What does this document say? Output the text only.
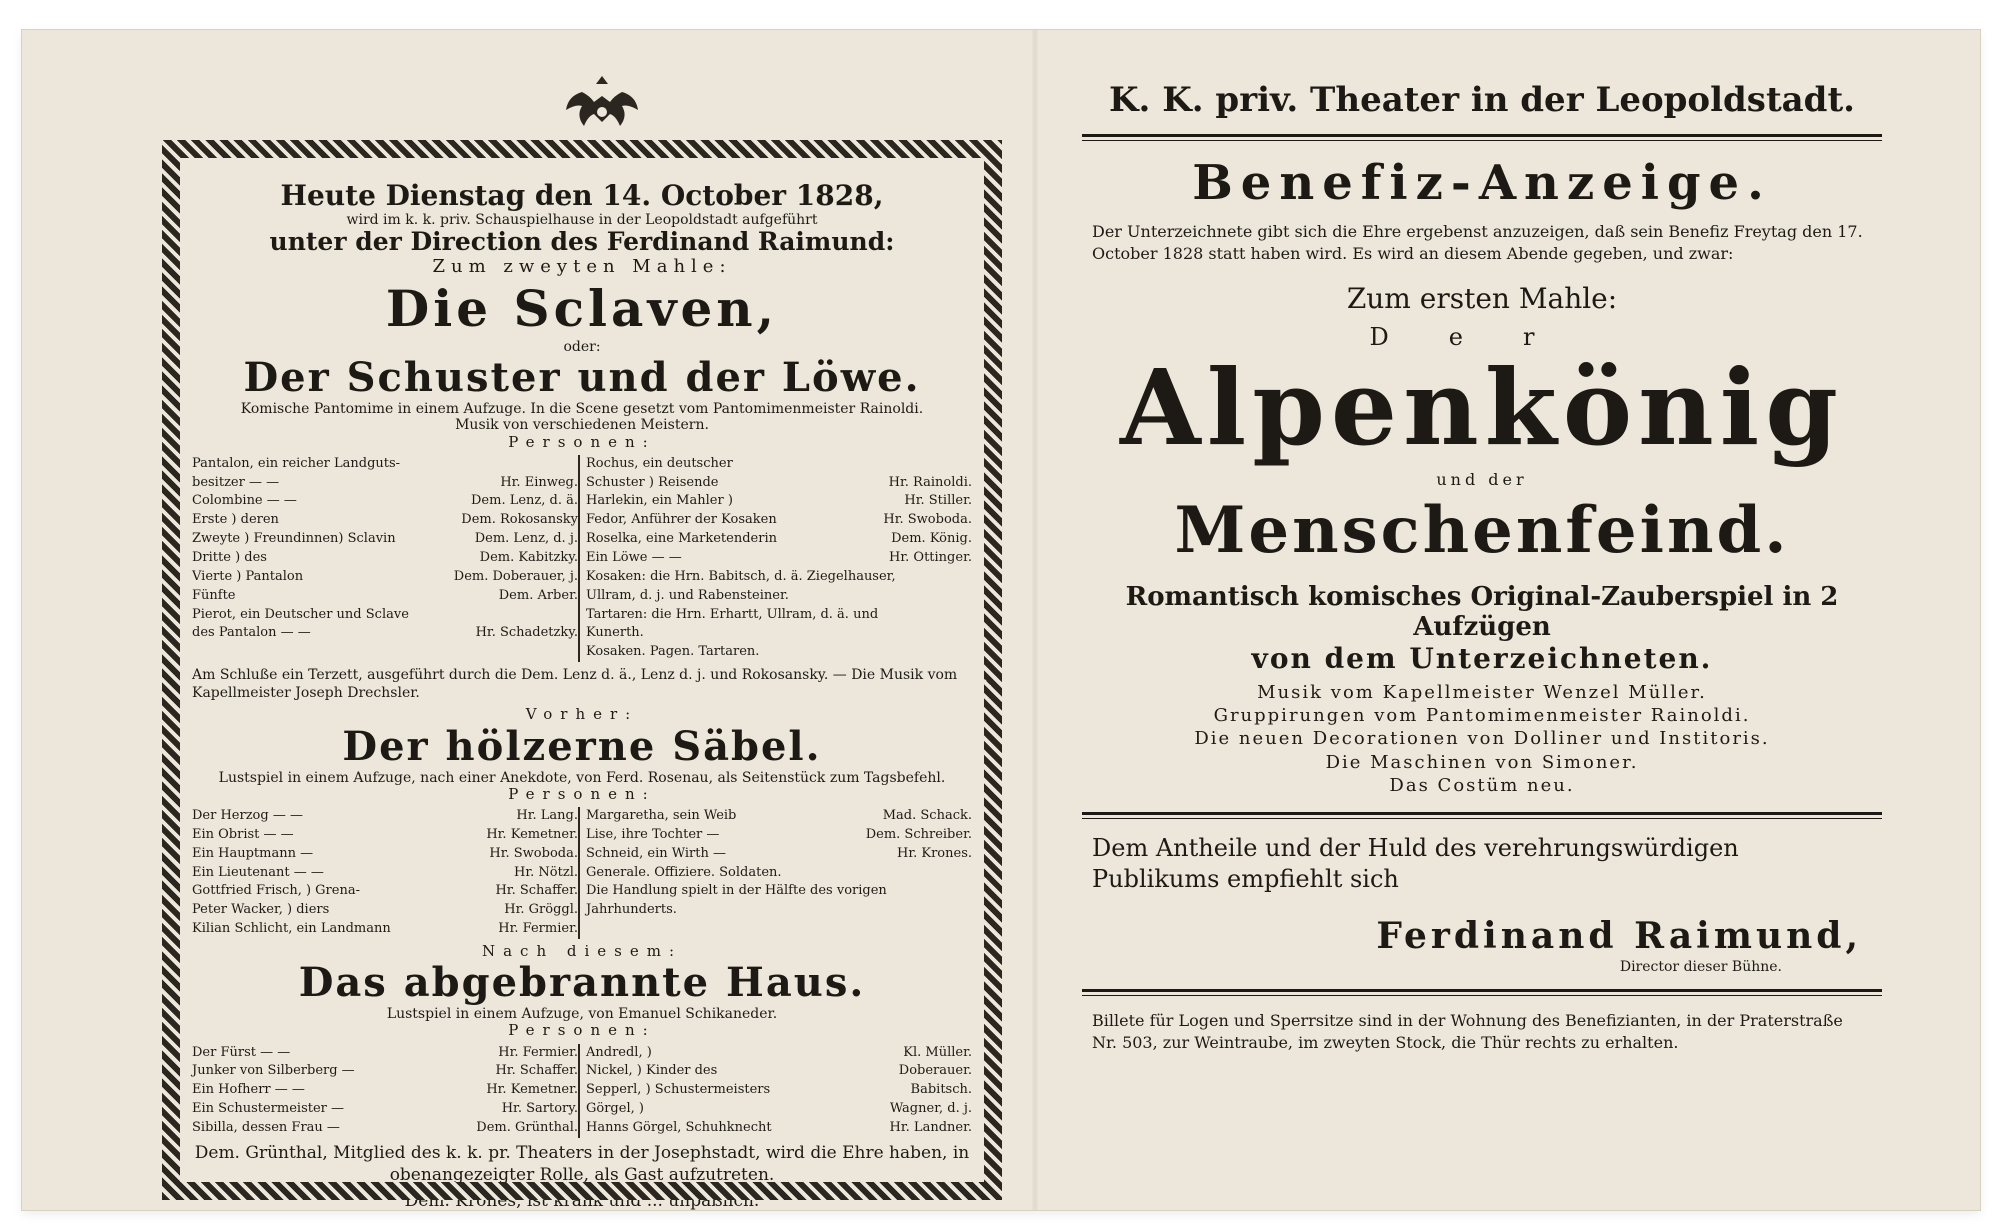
Heute Dienstag den 14. October 1828,

wird im k. k. priv. Schauspielhause in der Leopoldstadt aufgeführt

unter der Direction des Ferdinand Raimund:

Zum zweyten Mahle:

Die Sclaven,

oder:

Der Schuster und der Löwe.

Komische Pantomime in einem Aufzuge. In die Scene gesetzt vom Pantomimenmeister Rainoldi.

Musik von verschiedenen Meistern.

Personen:

Pantalon, ein reicher Landguts-
besitzer — —	Hr. Einweg.
Colombine — —	Dem. Lenz, d. ä.
Erste ) deren	Dem. Rokosansky
Zweyte ) Freundinnen) Sclavin	Dem. Lenz, d. j.
Dritte ) des	Dem. Kabitzky.
Vierte ) Pantalon	Dem. Doberauer, j.
Fünfte	Dem. Arber.
Pierot, ein Deutscher und Sclave
des Pantalon — —	Hr. Schadetzky.
Rochus, ein deutscher
Schuster ) Reisende	Hr. Rainoldi.
Harlekin, ein Mahler )	Hr. Stiller.
Fedor, Anführer der Kosaken	Hr. Swoboda.
Roselka, eine Marketenderin	Dem. König.
Ein Löwe — —	Hr. Ottinger.
Kosaken: die Hrn. Babitsch, d. ä. Ziegelhauser,
Ullram, d. j. und Rabensteiner.
Tartaren: die Hrn. Erhartt, Ullram, d. ä. und
Kunerth.
Kosaken. Pagen. Tartaren.

Am Schluße ein Terzett, ausgeführt durch die Dem. Lenz d. ä., Lenz d. j. und Rokosansky. — Die Musik vom Kapellmeister Joseph Drechsler.

Vorher:

Der hölzerne Säbel.

Lustspiel in einem Aufzuge, nach einer Anekdote, von Ferd. Rosenau, als Seitenstück zum Tagsbefehl.

Personen:

Der Herzog — —	Hr. Lang.
Ein Obrist — —	Hr. Kemetner.
Ein Hauptmann —	Hr. Swoboda.
Ein Lieutenant — —	Hr. Nötzl.
Gottfried Frisch, ) Grena-	Hr. Schaffer.
Peter Wacker, ) diers	Hr. Gröggl.
Kilian Schlicht, ein Landmann	Hr. Fermier.
Margaretha, sein Weib	Mad. Schack.
Lise, ihre Tochter —	Dem. Schreiber.
Schneid, ein Wirth —	Hr. Krones.
Generale. Offiziere. Soldaten.
Die Handlung spielt in der Hälfte des vorigen
Jahrhunderts.

Nach diesem:

Das abgebrannte Haus.

Lustspiel in einem Aufzuge, von Emanuel Schikaneder.

Personen:

Der Fürst — —	Hr. Fermier.
Junker von Silberberg —	Hr. Schaffer.
Ein Hofherr — —	Hr. Kemetner.
Ein Schustermeister —	Hr. Sartory.
Sibilla, dessen Frau —	Dem. Grünthal.
Andredl, )	Kl. Müller.
Nickel, ) Kinder des	Doberauer.
Sepperl, ) Schustermeisters	Babitsch.
Görgel, )	Wagner, d. j.
Hanns Görgel, Schuhknecht	Hr. Landner.

Dem. Grünthal, Mitglied des k. k. pr. Theaters in der Josephstadt, wird die Ehre haben, in obenangezeigter Rolle, als Gast aufzutreten.

Dem. Krones, ist krank und ... unpäßlich.

K. K. priv. Theater in der Leopoldstadt.

Benefiz-Anzeige.

Der Unterzeichnete gibt sich die Ehre ergebenst anzuzeigen, daß sein Benefiz Freytag den 17. October 1828 statt haben wird. Es wird an diesem Abende gegeben, und zwar:

Zum ersten Mahle:

Der

Alpenkönig

und der

Menschenfeind.

Romantisch komisches Original-Zauberspiel in 2 Aufzügen

von dem Unterzeichneten.

Musik vom Kapellmeister Wenzel Müller.

Gruppirungen vom Pantomimenmeister Rainoldi.

Die neuen Decorationen von Dolliner und Institoris.

Die Maschinen von Simoner.

Das Costüm neu.

Dem Antheile und der Huld des verehrungswürdigen Publikums empfiehlt sich

Ferdinand Raimund,

Director dieser Bühne.

Billete für Logen und Sperrsitze sind in der Wohnung des Benefizianten, in der Praterstraße Nr. 503, zur Weintraube, im zweyten Stock, die Thür rechts zu erhalten.
